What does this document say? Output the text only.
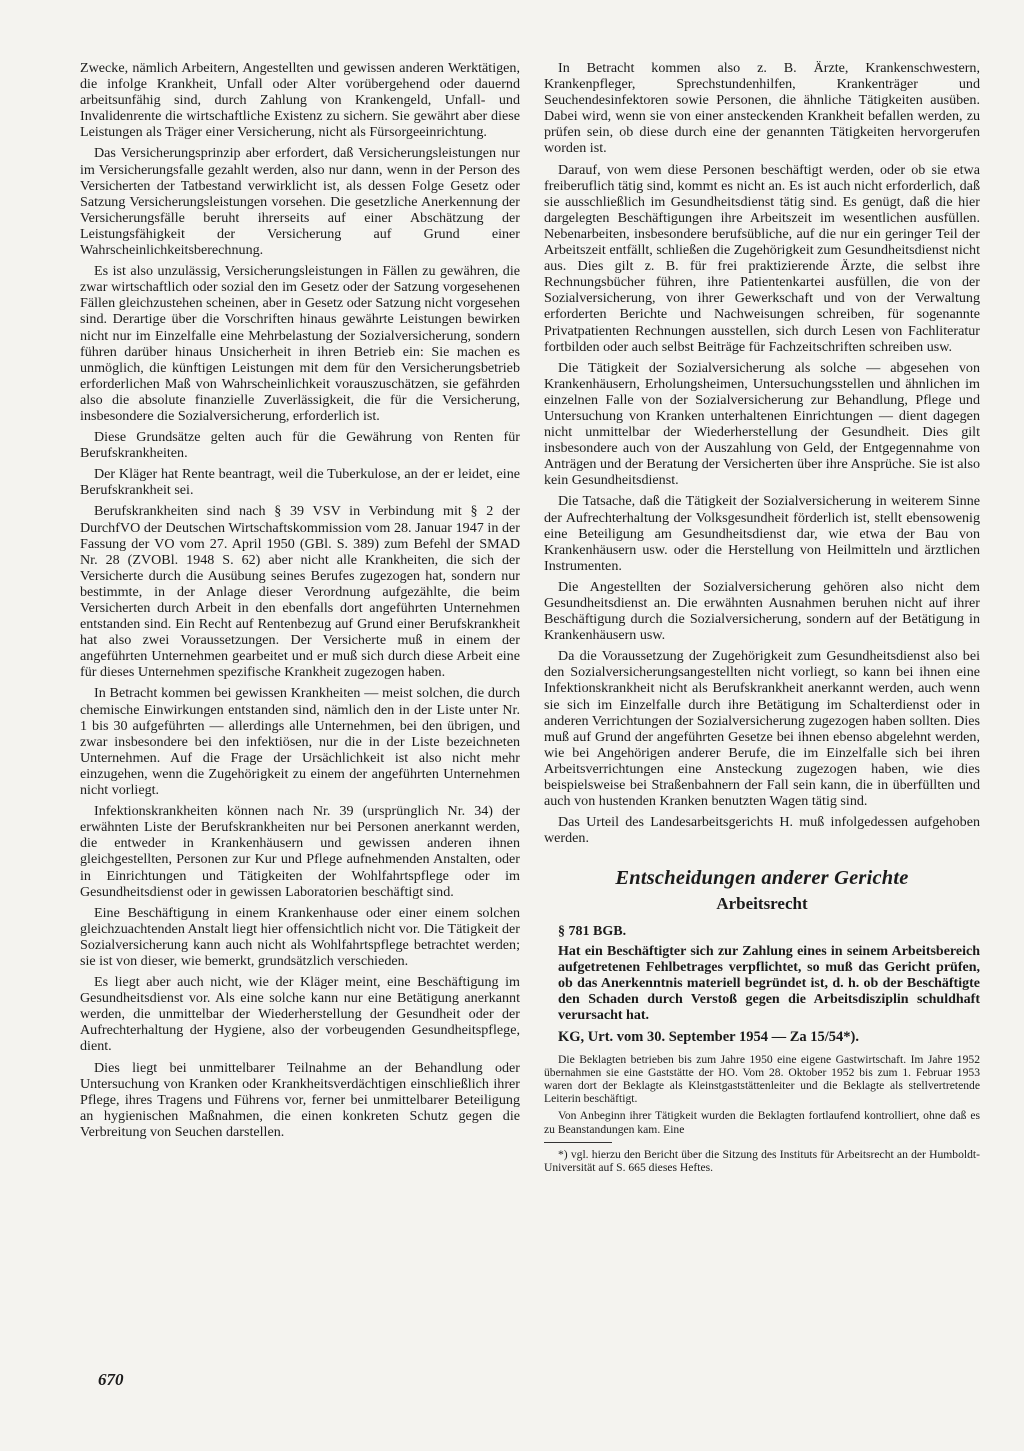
Zwecke, nämlich Arbeitern, Angestellten und gewissen anderen Werktätigen, die infolge Krankheit, Unfall oder Alter vorübergehend oder dauernd arbeitsunfähig sind, durch Zahlung von Krankengeld, Unfall- und Invalidenrente die wirtschaftliche Existenz zu sichern. Sie gewährt aber diese Leistungen als Träger einer Versicherung, nicht als Fürsorgeeinrichtung.

Das Versicherungsprinzip aber erfordert, daß Versicherungsleistungen nur im Versicherungsfalle gezahlt werden, also nur dann, wenn in der Person des Versicherten der Tatbestand verwirklicht ist, als dessen Folge Gesetz oder Satzung Versicherungsleistungen vorsehen. Die gesetzliche Anerkennung der Versicherungsfälle beruht ihrerseits auf einer Abschätzung der Leistungsfähigkeit der Versicherung auf Grund einer Wahrscheinlichkeitsberechnung.

Es ist also unzulässig, Versicherungsleistungen in Fällen zu gewähren, die zwar wirtschaftlich oder sozial den im Gesetz oder der Satzung vorgesehenen Fällen gleichzustehen scheinen, aber in Gesetz oder Satzung nicht vorgesehen sind. Derartige über die Vorschriften hinaus gewährte Leistungen bewirken nicht nur im Einzelfalle eine Mehrbelastung der Sozialversicherung, sondern führen darüber hinaus Unsicherheit in ihren Betrieb ein: Sie machen es unmöglich, die künftigen Leistungen mit dem für den Versicherungsbetrieb erforderlichen Maß von Wahrscheinlichkeit vorauszuschätzen, sie gefährden also die absolute finanzielle Zuverlässigkeit, die für die Versicherung, insbesondere die Sozialversicherung, erforderlich ist.

Diese Grundsätze gelten auch für die Gewährung von Renten für Berufskrankheiten.

Der Kläger hat Rente beantragt, weil die Tuberkulose, an der er leidet, eine Berufskrankheit sei.

Berufskrankheiten sind nach § 39 VSV in Verbindung mit § 2 der DurchfVO der Deutschen Wirtschaftskommission vom 28. Januar 1947 in der Fassung der VO vom 27. April 1950 (GBl. S. 389) zum Befehl der SMAD Nr. 28 (ZVOBl. 1948 S. 62) aber nicht alle Krankheiten, die sich der Versicherte durch die Ausübung seines Berufes zugezogen hat, sondern nur bestimmte, in der Anlage dieser Verordnung aufgezählte, die beim Versicherten durch Arbeit in den ebenfalls dort angeführten Unternehmen entstanden sind. Ein Recht auf Rentenbezug auf Grund einer Berufskrankheit hat also zwei Voraussetzungen. Der Versicherte muß in einem der angeführten Unternehmen gearbeitet und er muß sich durch diese Arbeit eine für dieses Unternehmen spezifische Krankheit zugezogen haben.

In Betracht kommen bei gewissen Krankheiten — meist solchen, die durch chemische Einwirkungen entstanden sind, nämlich den in der Liste unter Nr. 1 bis 30 aufgeführten — allerdings alle Unternehmen, bei den übrigen, und zwar insbesondere bei den infektiösen, nur die in der Liste bezeichneten Unternehmen. Auf die Frage der Ursächlichkeit ist also nicht mehr einzugehen, wenn die Zugehörigkeit zu einem der angeführten Unternehmen nicht vorliegt.

Infektionskrankheiten können nach Nr. 39 (ursprünglich Nr. 34) der erwähnten Liste der Berufskrankheiten nur bei Personen anerkannt werden, die entweder in Krankenhäusern und gewissen anderen ihnen gleichgestellten, Personen zur Kur und Pflege aufnehmenden Anstalten, oder in Einrichtungen und Tätigkeiten der Wohlfahrtspflege oder im Gesundheitsdienst oder in gewissen Laboratorien beschäftigt sind.

Eine Beschäftigung in einem Krankenhause oder einer einem solchen gleichzuachtenden Anstalt liegt hier offensichtlich nicht vor. Die Tätigkeit der Sozialversicherung kann auch nicht als Wohlfahrtspflege betrachtet werden; sie ist von dieser, wie bemerkt, grundsätzlich verschieden.

Es liegt aber auch nicht, wie der Kläger meint, eine Beschäftigung im Gesundheitsdienst vor. Als eine solche kann nur eine Betätigung anerkannt werden, die unmittelbar der Wiederherstellung der Gesundheit oder der Aufrechterhaltung der Hygiene, also der vorbeugenden Gesundheitspflege, dient.

Dies liegt bei unmittelbarer Teilnahme an der Behandlung oder Untersuchung von Kranken oder Krankheitsverdächtigen einschließlich ihrer Pflege, ihres Tragens und Führens vor, ferner bei unmittelbarer Beteiligung an hygienischen Maßnahmen, die einen konkreten Schutz gegen die Verbreitung von Seuchen darstellen.

In Betracht kommen also z. B. Ärzte, Krankenschwestern, Krankenpfleger, Sprechstundenhilfen, Krankenträger und Seuchendesinfektoren sowie Personen, die ähnliche Tätigkeiten ausüben. Dabei wird, wenn sie von einer ansteckenden Krankheit befallen werden, zu prüfen sein, ob diese durch eine der genannten Tätigkeiten hervorgerufen worden ist.

Darauf, von wem diese Personen beschäftigt werden, oder ob sie etwa freiberuflich tätig sind, kommt es nicht an. Es ist auch nicht erforderlich, daß sie ausschließlich im Gesundheitsdienst tätig sind. Es genügt, daß die hier dargelegten Beschäftigungen ihre Arbeitszeit im wesentlichen ausfüllen. Nebenarbeiten, insbesondere berufsübliche, auf die nur ein geringer Teil der Arbeitszeit entfällt, schließen die Zugehörigkeit zum Gesundheitsdienst nicht aus. Dies gilt z. B. für frei praktizierende Ärzte, die selbst ihre Rechnungsbücher führen, ihre Patientenkartei ausfüllen, die von der Sozialversicherung, von ihrer Gewerkschaft und von der Verwaltung erforderten Berichte und Nachweisungen schreiben, für sogenannte Privatpatienten Rechnungen ausstellen, sich durch Lesen von Fachliteratur fortbilden oder auch selbst Beiträge für Fachzeitschriften schreiben usw.

Die Tätigkeit der Sozialversicherung als solche — abgesehen von Krankenhäusern, Erholungsheimen, Untersuchungsstellen und ähnlichen im einzelnen Falle von der Sozialversicherung zur Behandlung, Pflege und Untersuchung von Kranken unterhaltenen Einrichtungen — dient dagegen nicht unmittelbar der Wiederherstellung der Gesundheit. Dies gilt insbesondere auch von der Auszahlung von Geld, der Entgegennahme von Anträgen und der Beratung der Versicherten über ihre Ansprüche. Sie ist also kein Gesundheitsdienst.

Die Tatsache, daß die Tätigkeit der Sozialversicherung in weiterem Sinne der Aufrechterhaltung der Volksgesundheit förderlich ist, stellt ebensowenig eine Beteiligung am Gesundheitsdienst dar, wie etwa der Bau von Krankenhäusern usw. oder die Herstellung von Heilmitteln und ärztlichen Instrumenten.

Die Angestellten der Sozialversicherung gehören also nicht dem Gesundheitsdienst an. Die erwähnten Ausnahmen beruhen nicht auf ihrer Beschäftigung durch die Sozialversicherung, sondern auf der Betätigung in Krankenhäusern usw.

Da die Voraussetzung der Zugehörigkeit zum Gesundheitsdienst also bei den Sozialversicherungsangestellten nicht vorliegt, so kann bei ihnen eine Infektionskrankheit nicht als Berufskrankheit anerkannt werden, auch wenn sie sich im Einzelfalle durch ihre Betätigung im Schalterdienst oder in anderen Verrichtungen der Sozialversicherung zugezogen haben sollten. Dies muß auf Grund der angeführten Gesetze bei ihnen ebenso abgelehnt werden, wie bei Angehörigen anderer Berufe, die im Einzelfalle sich bei ihren Arbeitsverrichtungen eine Ansteckung zugezogen haben, wie dies beispielsweise bei Straßenbahnern der Fall sein kann, die in überfüllten und auch von hustenden Kranken benutzten Wagen tätig sind.

Das Urteil des Landesarbeitsgerichts H. muß infolgedessen aufgehoben werden.

Entscheidungen anderer Gerichte
Arbeitsrecht
§ 781 BGB.
Hat ein Beschäftigter sich zur Zahlung eines in seinem Arbeitsbereich aufgetretenen Fehlbetrages verpflichtet, so muß das Gericht prüfen, ob das Anerkenntnis materiell begründet ist, d. h. ob der Beschäftigte den Schaden durch Verstoß gegen die Arbeitsdisziplin schuldhaft verursacht hat.
KG, Urt. vom 30. September 1954 — Za 15/54*).

Die Beklagten betrieben bis zum Jahre 1950 eine eigene Gastwirtschaft. Im Jahre 1952 übernahmen sie eine Gaststätte der HO. Vom 28. Oktober 1952 bis zum 1. Februar 1953 waren dort der Beklagte als Kleinstgaststättenleiter und die Beklagte als stellvertretende Leiterin beschäftigt.

Von Anbeginn ihrer Tätigkeit wurden die Beklagten fortlaufend kontrolliert, ohne daß es zu Beanstandungen kam. Eine

*) vgl. hierzu den Bericht über die Sitzung des Instituts für Arbeitsrecht an der Humboldt-Universität auf S. 665 dieses Heftes.

670
